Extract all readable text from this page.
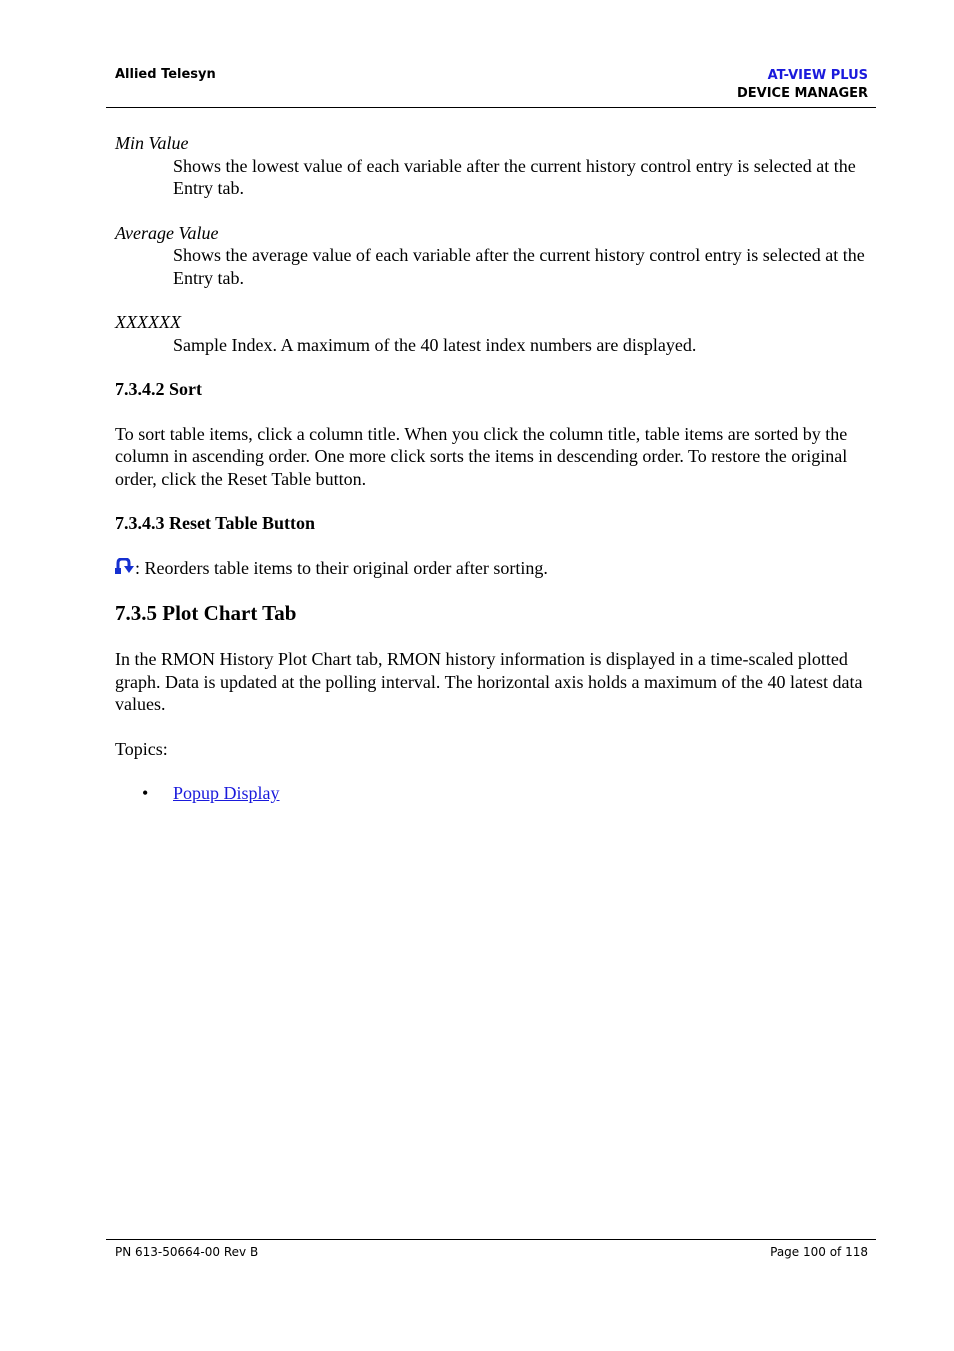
Allied Telesyn	AT-VIEW PLUS
DEVICE MANAGER
Min Value
Shows the lowest value of each variable after the current history control entry is selected at the Entry tab.
Average Value
Shows the average value of each variable after the current history control entry is selected at the Entry tab.
XXXXXX
Sample Index. A maximum of the 40 latest index numbers are displayed.
7.3.4.2 Sort

To sort table items, click a column title. When you click the column title, table items are sorted by the column in ascending order. One more click sorts the items in descending order. To restore the original order, click the Reset Table button.

7.3.4.3 Reset Table Button
: Reorders table items to their original order after sorting.
7.3.5 Plot Chart Tab

In the RMON History Plot Chart tab, RMON history information is displayed in a time-scaled plotted graph. Data is updated at the polling interval. The horizontal axis holds a maximum of the 40 latest data values.

Topics:

• Popup Display
PN 613-50664-00 Rev B	Page 100 of 118
